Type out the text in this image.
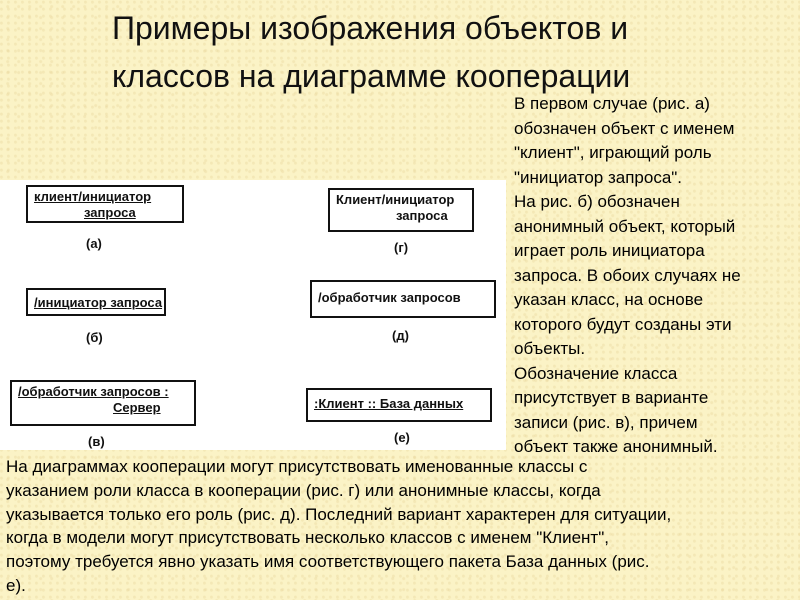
Примеры изображения объектов и
классов на диаграмме кооперации
клиент/инициатор
запроса
(а)
/инициатор запроса
(б)
/обработчик запросов :
Сервер
(в)
Клиент/инициатор
запроса
(г)
/обработчик запросов
(д)
:Клиент :: База данных
(е)
В первом случае (рис. а)
обозначен объект с именем
"клиент", играющий роль
"инициатор запроса".
На рис. б) обозначен
анонимный объект, который
играет роль инициатора
запроса. В обоих случаях не
указан класс, на основе
которого будут созданы эти
объекты.
Обозначение класса
присутствует в варианте
записи (рис. в), причем
объект также анонимный.
На диаграммах кооперации могут присутствовать именованные классы с
указанием роли класса в кооперации (рис. г) или анонимные классы, когда
указывается только его роль (рис. д). Последний вариант характерен для ситуации,
когда в модели могут присутствовать несколько классов с именем "Клиент",
поэтому требуется явно указать имя соответствующего пакета База данных (рис.
е).
